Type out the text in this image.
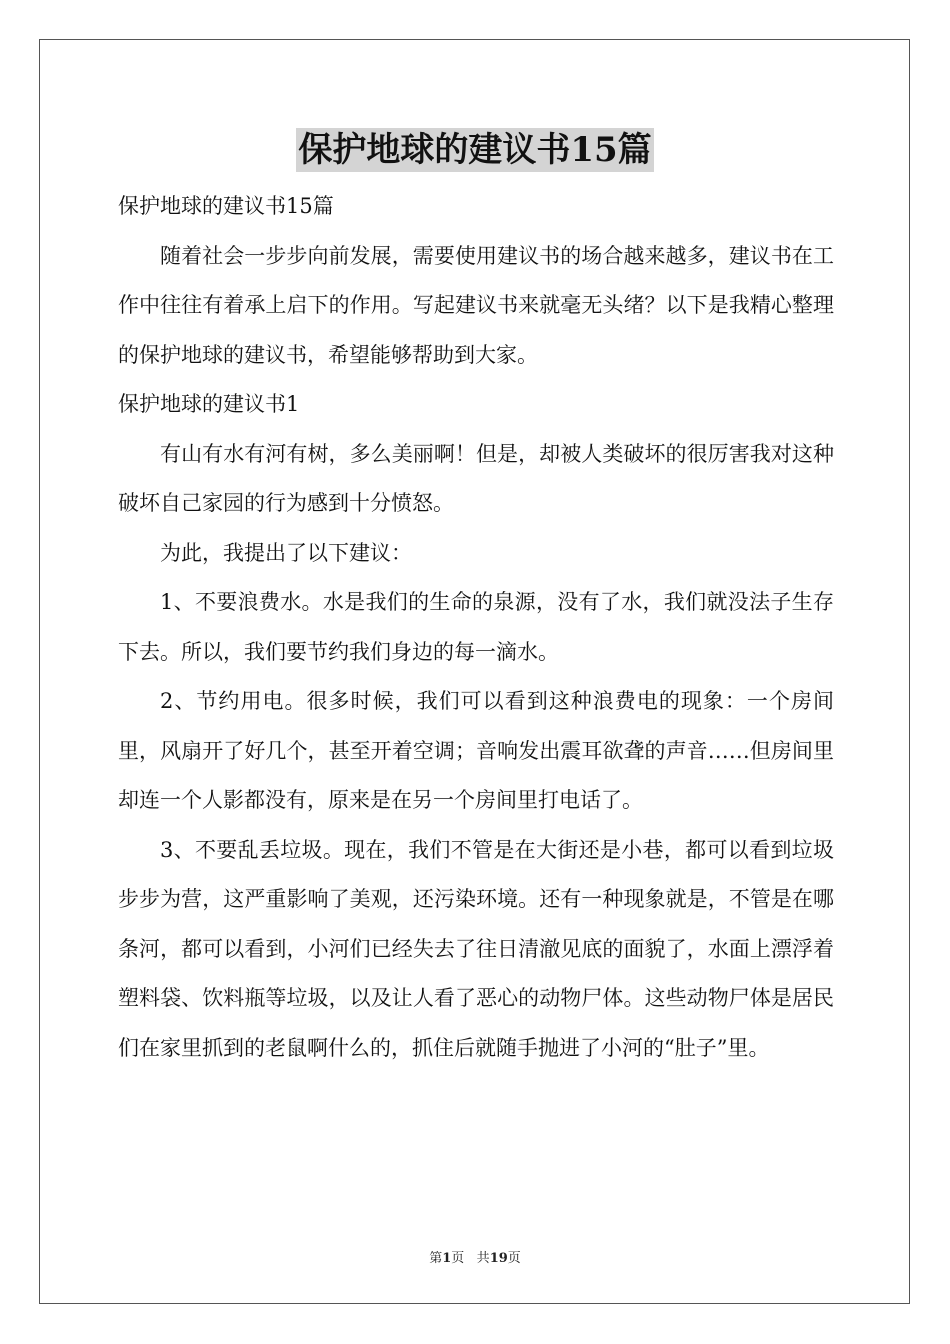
保护地球的建议书15篇

保护地球的建议书15篇

随着社会一步步向前发展，需要使用建议书的场合越来越多，建议书在工作中往往有着承上启下的作用。写起建议书来就毫无头绪？以下是我精心整理的保护地球的建议书，希望能够帮助到大家。

保护地球的建议书1

有山有水有河有树，多么美丽啊！但是，却被人类破坏的很厉害我对这种破坏自己家园的行为感到十分愤怒。

为此，我提出了以下建议：

1、不要浪费水。水是我们的生命的泉源，没有了水，我们就没法子生存下去。所以，我们要节约我们身边的每一滴水。

2、节约用电。很多时候，我们可以看到这种浪费电的现象：一个房间里，风扇开了好几个，甚至开着空调；音响发出震耳欲聋的声音……但房间里却连一个人影都没有，原来是在另一个房间里打电话了。

3、不要乱丢垃圾。现在，我们不管是在大街还是小巷，都可以看到垃圾步步为营，这严重影响了美观，还污染环境。还有一种现象就是，不管是在哪条河，都可以看到，小河们已经失去了往日清澈见底的面貌了，水面上漂浮着塑料袋、饮料瓶等垃圾，以及让人看了恶心的动物尸体。这些动物尸体是居民们在家里抓到的老鼠啊什么的，抓住后就随手抛进了小河的“肚子”里。

第1页 共19页
